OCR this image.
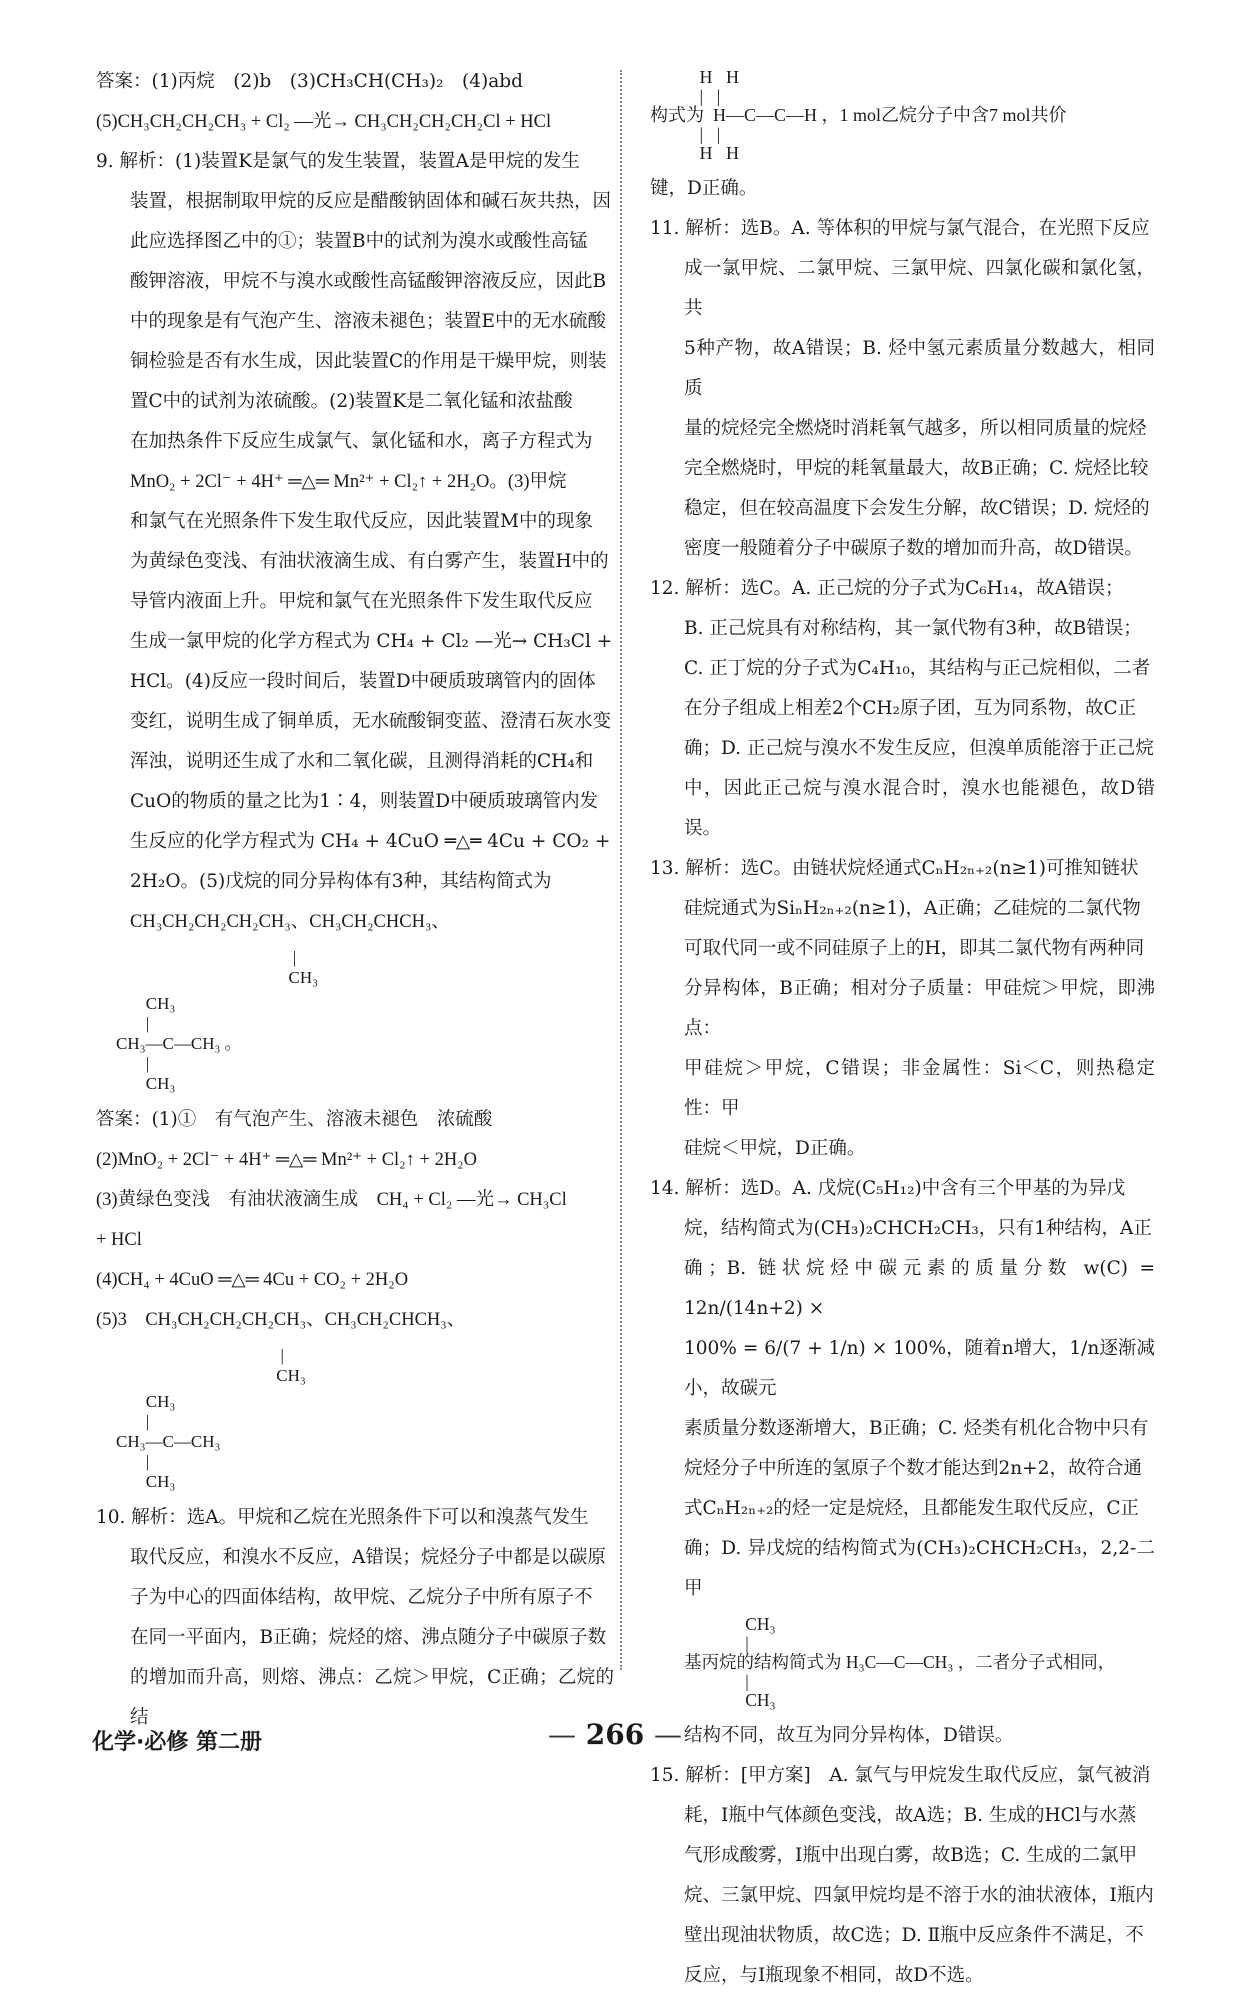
答案：(1)丙烷　(2)b　(3)CH₃CH(CH₃)₂　(4)abd

(5)CH₃CH₂CH₂CH₃ + Cl₂ —光→ CH₃CH₂CH₂CH₂Cl + HCl

9. 解析：(1)装置K是氯气的发生装置，装置A是甲烷的发生

装置，根据制取甲烷的反应是醋酸钠固体和碱石灰共热，因

此应选择图乙中的①；装置B中的试剂为溴水或酸性高锰

酸钾溶液，甲烷不与溴水或酸性高锰酸钾溶液反应，因此B

中的现象是有气泡产生、溶液未褪色；装置E中的无水硫酸

铜检验是否有水生成，因此装置C的作用是干燥甲烷，则装

置C中的试剂为浓硫酸。(2)装置K是二氧化锰和浓盐酸

在加热条件下反应生成氯气、氯化锰和水，离子方程式为

MnO₂ + 2Cl⁻ + 4H⁺ ═△═ Mn²⁺ + Cl₂↑ + 2H₂O。(3)甲烷

和氯气在光照条件下发生取代反应，因此装置M中的现象

为黄绿色变浅、有油状液滴生成、有白雾产生，装置H中的

导管内液面上升。甲烷和氯气在光照条件下发生取代反应

生成一氯甲烷的化学方程式为 CH₄ + Cl₂ —光→ CH₃Cl +

HCl。(4)反应一段时间后，装置D中硬质玻璃管内的固体

变红，说明生成了铜单质，无水硫酸铜变蓝、澄清石灰水变

浑浊，说明还生成了水和二氧化碳，且测得消耗的CH₄和

CuO的物质的量之比为1∶4，则装置D中硬质玻璃管内发

生反应的化学方程式为 CH₄ + 4CuO ═△═ 4Cu + CO₂ +

2H₂O。(5)戊烷的同分异构体有3种，其结构简式为

CH₃CH₂CH₂CH₂CH₃、CH₃CH₂CHCH₃、

|
CH₃
CH₃
|
CH₃—C—CH₃ 。
|
CH₃

答案：(1)①　有气泡产生、溶液未褪色　浓硫酸

(2)MnO₂ + 2Cl⁻ + 4H⁺ ═△═ Mn²⁺ + Cl₂↑ + 2H₂O

(3)黄绿色变浅　有油状液滴生成　CH₄ + Cl₂ —光→ CH₃Cl

+ HCl

(4)CH₄ + 4CuO ═△═ 4Cu + CO₂ + 2H₂O

(5)3　CH₃CH₂CH₂CH₂CH₃、CH₃CH₂CHCH₃、

|
CH₃
CH₃
|
CH₃—C—CH₃
|
CH₃

10. 解析：选A。甲烷和乙烷在光照条件下可以和溴蒸气发生

取代反应，和溴水不反应，A错误；烷烃分子中都是以碳原

子为中心的四面体结构，故甲烷、乙烷分子中所有原子不

在同一平面内，B正确；烷烃的熔、沸点随分子中碳原子数

的增加而升高，则熔、沸点：乙烷＞甲烷，C正确；乙烷的结

H   H
|   |
构式为  H—C—C—H ，1 mol乙烷分子中含7 mol共价
|   |
H   H

键，D正确。

11. 解析：选B。A. 等体积的甲烷与氯气混合，在光照下反应

成一氯甲烷、二氯甲烷、三氯甲烷、四氯化碳和氯化氢，共

5种产物，故A错误；B. 烃中氢元素质量分数越大，相同质

量的烷烃完全燃烧时消耗氧气越多，所以相同质量的烷烃

完全燃烧时，甲烷的耗氧量最大，故B正确；C. 烷烃比较

稳定，但在较高温度下会发生分解，故C错误；D. 烷烃的

密度一般随着分子中碳原子数的增加而升高，故D错误。

12. 解析：选C。A. 正己烷的分子式为C₆H₁₄，故A错误；

B. 正己烷具有对称结构，其一氯代物有3种，故B错误；

C. 正丁烷的分子式为C₄H₁₀，其结构与正己烷相似，二者

在分子组成上相差2个CH₂原子团，互为同系物，故C正

确；D. 正己烷与溴水不发生反应，但溴单质能溶于正己烷

中，因此正己烷与溴水混合时，溴水也能褪色，故D错误。

13. 解析：选C。由链状烷烃通式CₙH₂ₙ₊₂(n≥1)可推知链状

硅烷通式为SiₙH₂ₙ₊₂(n≥1)，A正确；乙硅烷的二氯代物

可取代同一或不同硅原子上的H，即其二氯代物有两种同

分异构体，B正确；相对分子质量：甲硅烷＞甲烷，即沸点：

甲硅烷＞甲烷，C错误；非金属性：Si＜C，则热稳定性：甲

硅烷＜甲烷，D正确。

14. 解析：选D。A. 戊烷(C₅H₁₂)中含有三个甲基的为异戊

烷，结构简式为(CH₃)₂CHCH₂CH₃，只有1种结构，A正

确；B. 链状烷烃中碳元素的质量分数 w(C) = 12n/(14n+2) ×

100% = 6/(7 + 1/n) × 100%，随着n增大，1/n逐渐减小，故碳元

素质量分数逐渐增大，B正确；C. 烃类有机化合物中只有

烷烃分子中所连的氢原子个数才能达到2n+2，故符合通

式CₙH₂ₙ₊₂的烃一定是烷烃，且都能发生取代反应，C正

确；D. 异戊烷的结构简式为(CH₃)₂CHCH₂CH₃，2,2-二甲

CH₃
|
基丙烷的结构简式为 H₃C—C—CH₃ ，二者分子式相同，
|
CH₃

结构不同，故互为同分异构体，D错误。

15. 解析：[甲方案]　A. 氯气与甲烷发生取代反应，氯气被消

耗，Ⅰ瓶中气体颜色变浅，故A选；B. 生成的HCl与水蒸

气形成酸雾，Ⅰ瓶中出现白雾，故B选；C. 生成的二氯甲

烷、三氯甲烷、四氯甲烷均是不溶于水的油状液体，Ⅰ瓶内

壁出现油状物质，故C选；D. Ⅱ瓶中反应条件不满足，不

反应，与Ⅰ瓶现象不相同，故D不选。

化学·必修 第二册	— 266 —
